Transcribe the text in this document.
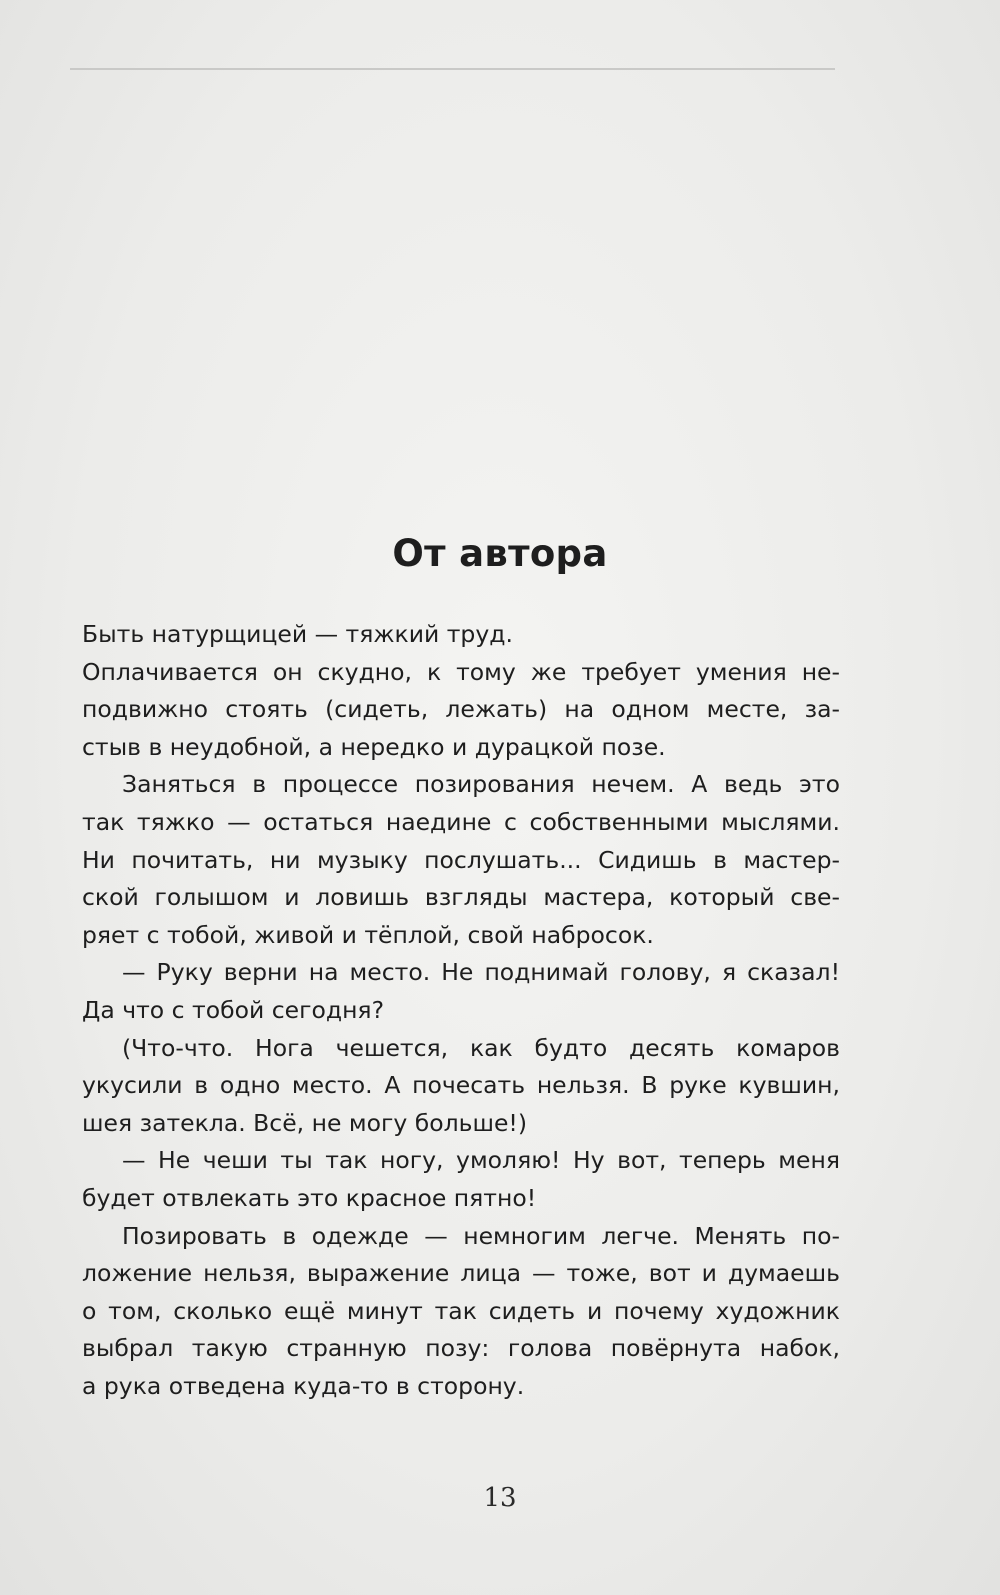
От автора
Быть натурщицей — тяжкий труд.
Оплачивается он скудно, к тому же требует умения не-
подвижно стоять (сидеть, лежать) на одном месте, за-
стыв в неудобной, а нередко и дурацкой позе.
Заняться в процессе позирования нечем. А ведь это
так тяжко — остаться наедине с собственными мыслями.
Ни почитать, ни музыку послушать... Сидишь в мастер-
ской голышом и ловишь взгляды мастера, который све-
ряет с тобой, живой и тёплой, свой набросок.
— Руку верни на место. Не поднимай голову, я сказал!
Да что с тобой сегодня?
(Что-что. Нога чешется, как будто десять комаров
укусили в одно место. А почесать нельзя. В руке кувшин,
шея затекла. Всё, не могу больше!)
— Не чеши ты так ногу, умоляю! Ну вот, теперь меня
будет отвлекать это красное пятно!
Позировать в одежде — немногим легче. Менять по-
ложение нельзя, выражение лица — тоже, вот и думаешь
о том, сколько ещё минут так сидеть и почему художник
выбрал такую странную позу: голова повёрнута набок,
а рука отведена куда-то в сторону.
13
